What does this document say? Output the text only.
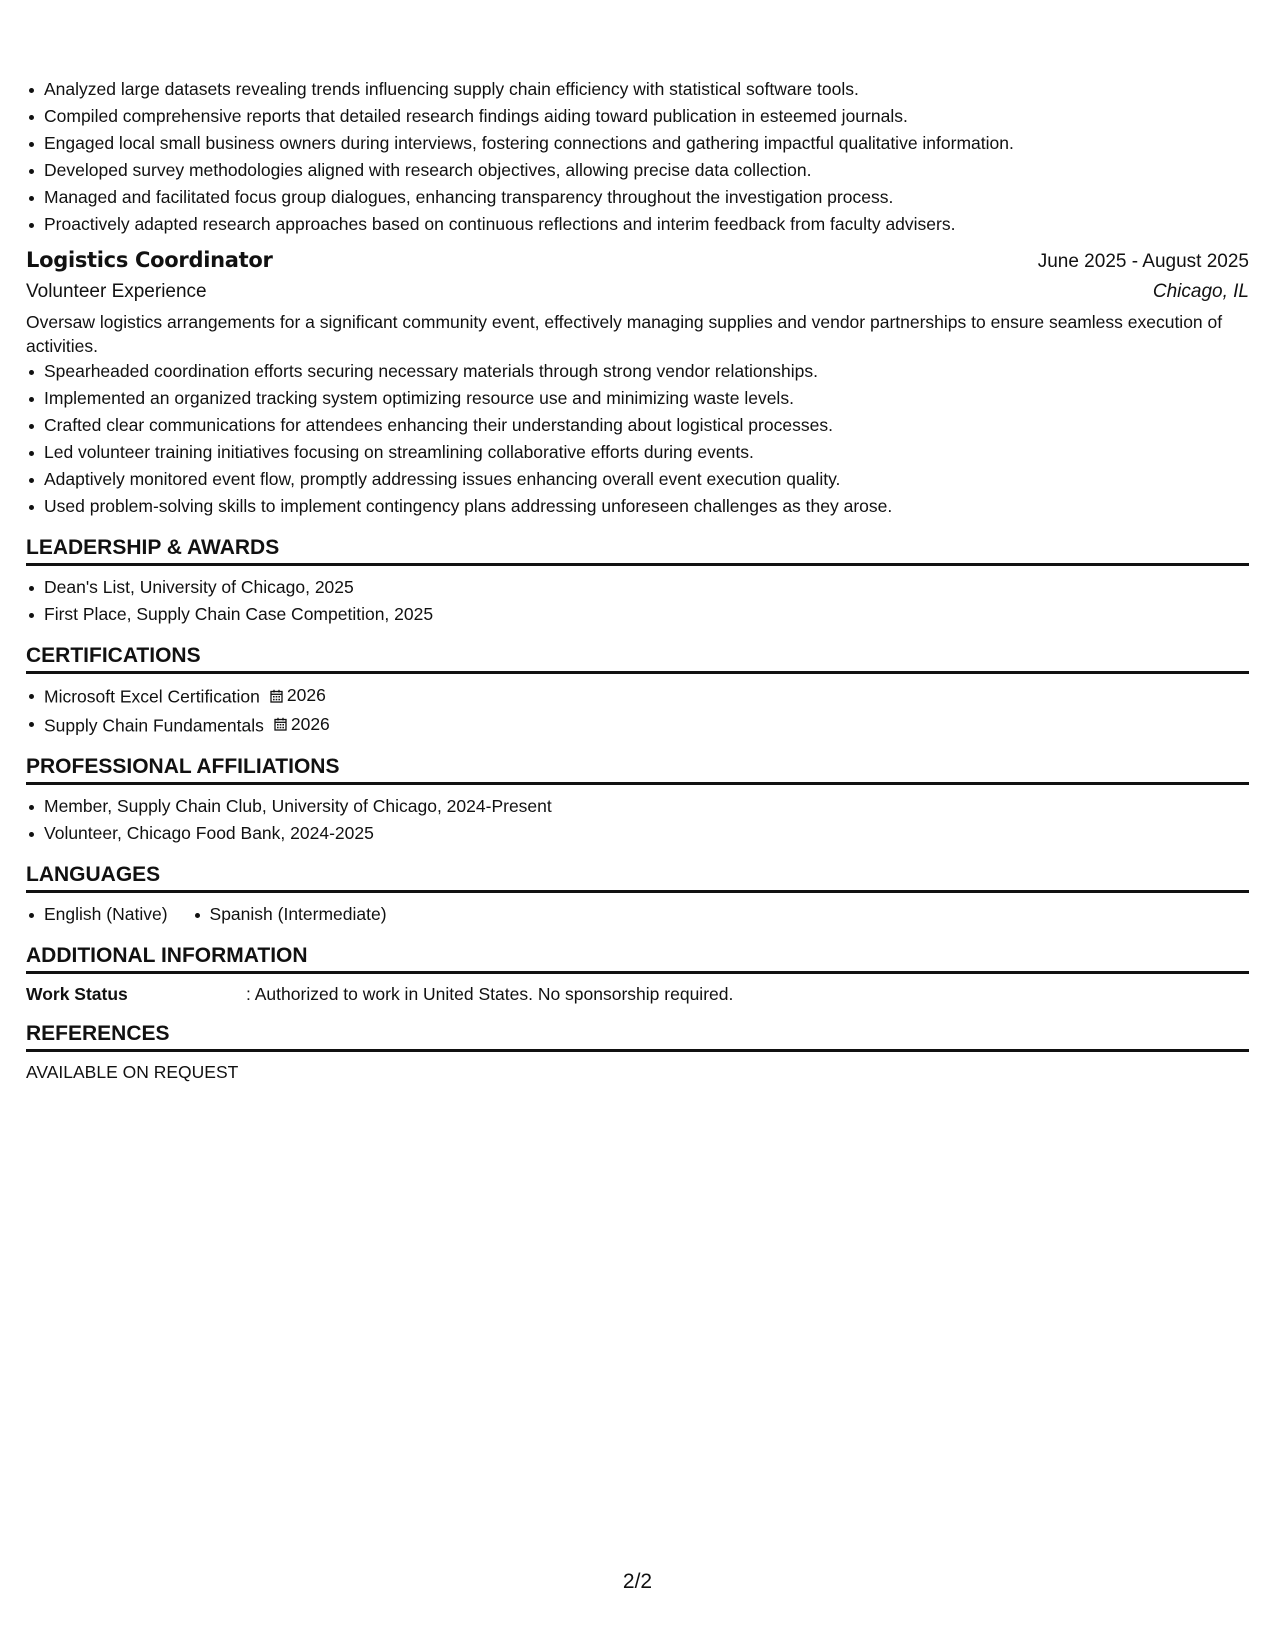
Analyzed large datasets revealing trends influencing supply chain efficiency with statistical software tools.
Compiled comprehensive reports that detailed research findings aiding toward publication in esteemed journals.
Engaged local small business owners during interviews, fostering connections and gathering impactful qualitative information.
Developed survey methodologies aligned with research objectives, allowing precise data collection.
Managed and facilitated focus group dialogues, enhancing transparency throughout the investigation process.
Proactively adapted research approaches based on continuous reflections and interim feedback from faculty advisers.
Logistics Coordinator	June 2025 - August 2025
Volunteer Experience	Chicago, IL
Oversaw logistics arrangements for a significant community event, effectively managing supplies and vendor partnerships to ensure seamless execution of activities.
Spearheaded coordination efforts securing necessary materials through strong vendor relationships.
Implemented an organized tracking system optimizing resource use and minimizing waste levels.
Crafted clear communications for attendees enhancing their understanding about logistical processes.
Led volunteer training initiatives focusing on streamlining collaborative efforts during events.
Adaptively monitored event flow, promptly addressing issues enhancing overall event execution quality.
Used problem-solving skills to implement contingency plans addressing unforeseen challenges as they arose.
LEADERSHIP & AWARDS
Dean's List, University of Chicago, 2025
First Place, Supply Chain Case Competition, 2025
CERTIFICATIONS
Microsoft Excel Certification 2026
Supply Chain Fundamentals 2026
PROFESSIONAL AFFILIATIONS
Member, Supply Chain Club, University of Chicago, 2024-Present
Volunteer, Chicago Food Bank, 2024-2025
LANGUAGES
English (Native) Spanish (Intermediate)
ADDITIONAL INFORMATION
Work Status	: Authorized to work in United States. No sponsorship required.
REFERENCES
AVAILABLE ON REQUEST
2/2
